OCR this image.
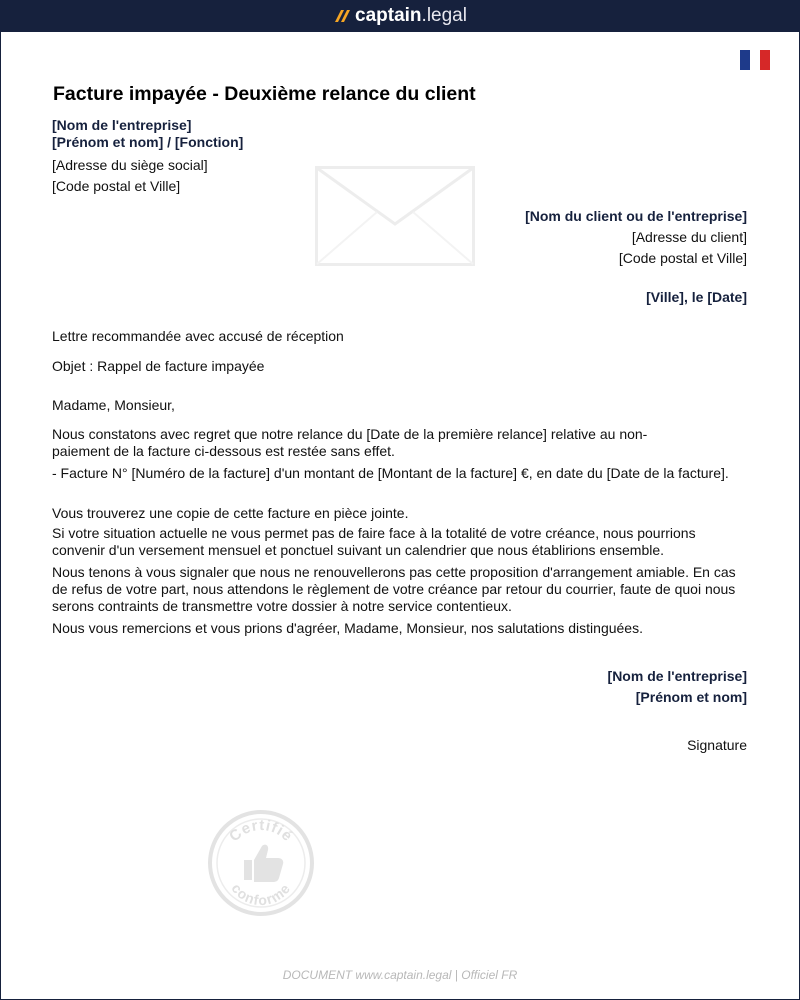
captain .legal
Facture impayée - Deuxième relance du client
[Nom de l'entreprise]
[Prénom et nom] / [Fonction]
[Adresse du siège social]
[Code postal et Ville]
[Nom du client ou de l'entreprise]
[Adresse du client]
[Code postal et Ville]
[Ville], le [Date]
Lettre recommandée avec accusé de réception
Objet : Rappel de facture impayée
Madame, Monsieur,
Nous constatons avec regret que notre relance du [Date de la première relance] relative au non-paiement de la facture ci-dessous est restée sans effet.
- Facture N° [Numéro de la facture] d'un montant de [Montant de la facture] €, en date du [Date de la facture].
Vous trouverez une copie de cette facture en pièce jointe.
Si votre situation actuelle ne vous permet pas de faire face à la totalité de votre créance, nous pourrions convenir d'un versement mensuel et ponctuel suivant un calendrier que nous établirions ensemble.
Nous tenons à vous signaler que nous ne renouvellerons pas cette proposition d'arrangement amiable. En cas de refus de votre part, nous attendons le règlement de votre créance par retour du courrier, faute de quoi nous serons contraints de transmettre votre dossier à notre service contentieux.
Nous vous remercions et vous prions d'agréer, Madame, Monsieur, nos salutations distinguées.
[Nom de l'entreprise]
[Prénom et nom]
Signature
Certifié
conforme
DOCUMENT www.captain.legal | Officiel FR
